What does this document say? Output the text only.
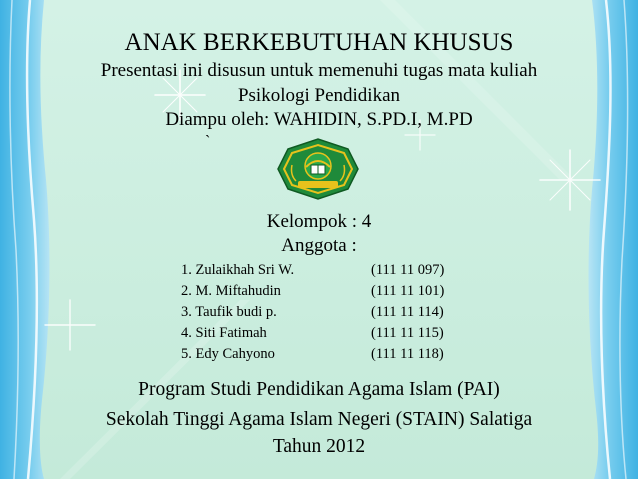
ANAK BERKEBUTUHAN KHUSUS
Presentasi ini disusun untuk memenuhi tugas mata kuliah
Psikologi Pendidikan
Diampu oleh: WAHIDIN, S.PD.I, M.PD
`
Kelompok : 4
Anggota :
1. Zulaikhah Sri W.	(111 11 097)
2. M. Miftahudin	(111 11 101)
3. Taufik budi p.	(111 11 114)
4. Siti Fatimah	(111 11 115)
5. Edy Cahyono	(111 11 118)
Program Studi Pendidikan Agama Islam (PAI)
Sekolah Tinggi Agama Islam Negeri (STAIN) Salatiga
Tahun 2012
